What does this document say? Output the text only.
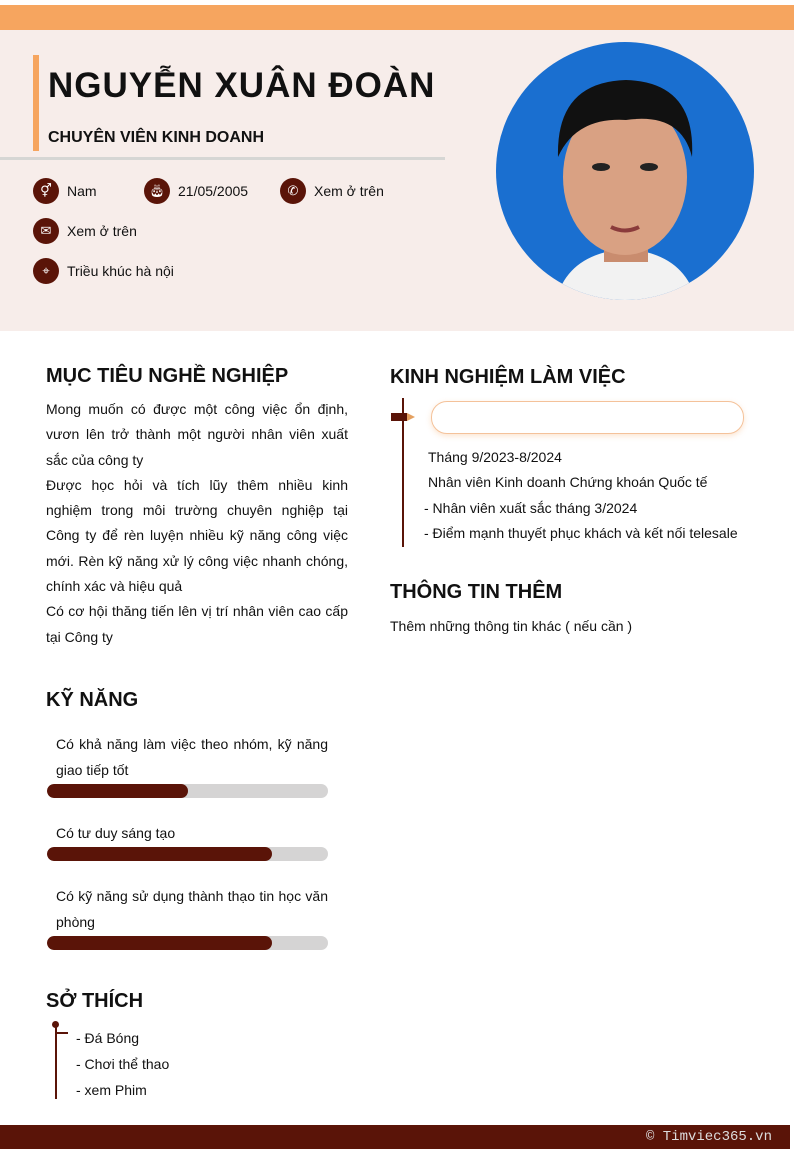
NGUYỄN XUÂN ĐOÀN
CHUYÊN VIÊN KINH DOANH
⚥	Nam	🎂︎ 21/05/2005	✆	Xem ở trên
✉	Xem ở trên
⌖	Triều khúc hà nội
MỤC TIÊU NGHỀ NGHIỆP
Mong muốn có được một công việc ổn định, vươn lên trở thành một người nhân viên xuất sắc của công ty
Được học hỏi và tích lũy thêm nhiều kinh nghiệm trong môi trường chuyên nghiệp tại Công ty để rèn luyện nhiều kỹ năng công việc mới. Rèn kỹ năng xử lý công việc nhanh chóng, chính xác và hiệu quả
Có cơ hội thăng tiến lên vị trí nhân viên cao cấp tại Công ty
KỸ NĂNG
Có khả năng làm việc theo nhóm, kỹ năng giao tiếp tốt
Có tư duy sáng tạo
Có kỹ năng sử dụng thành thạo tin học văn phòng
SỞ THÍCH
- Đá Bóng
- Chơi thể thao
- xem Phim
KINH NGHIỆM LÀM VIỆC
Tháng 9/2023-8/2024
Nhân viên Kinh doanh Chứng khoán Quốc tế
- Nhân viên xuất sắc tháng 3/2024
- Điểm mạnh thuyết phục khách và kết nối telesale
THÔNG TIN THÊM
Thêm những thông tin khác ( nếu cần )
© Timviec365.vn
